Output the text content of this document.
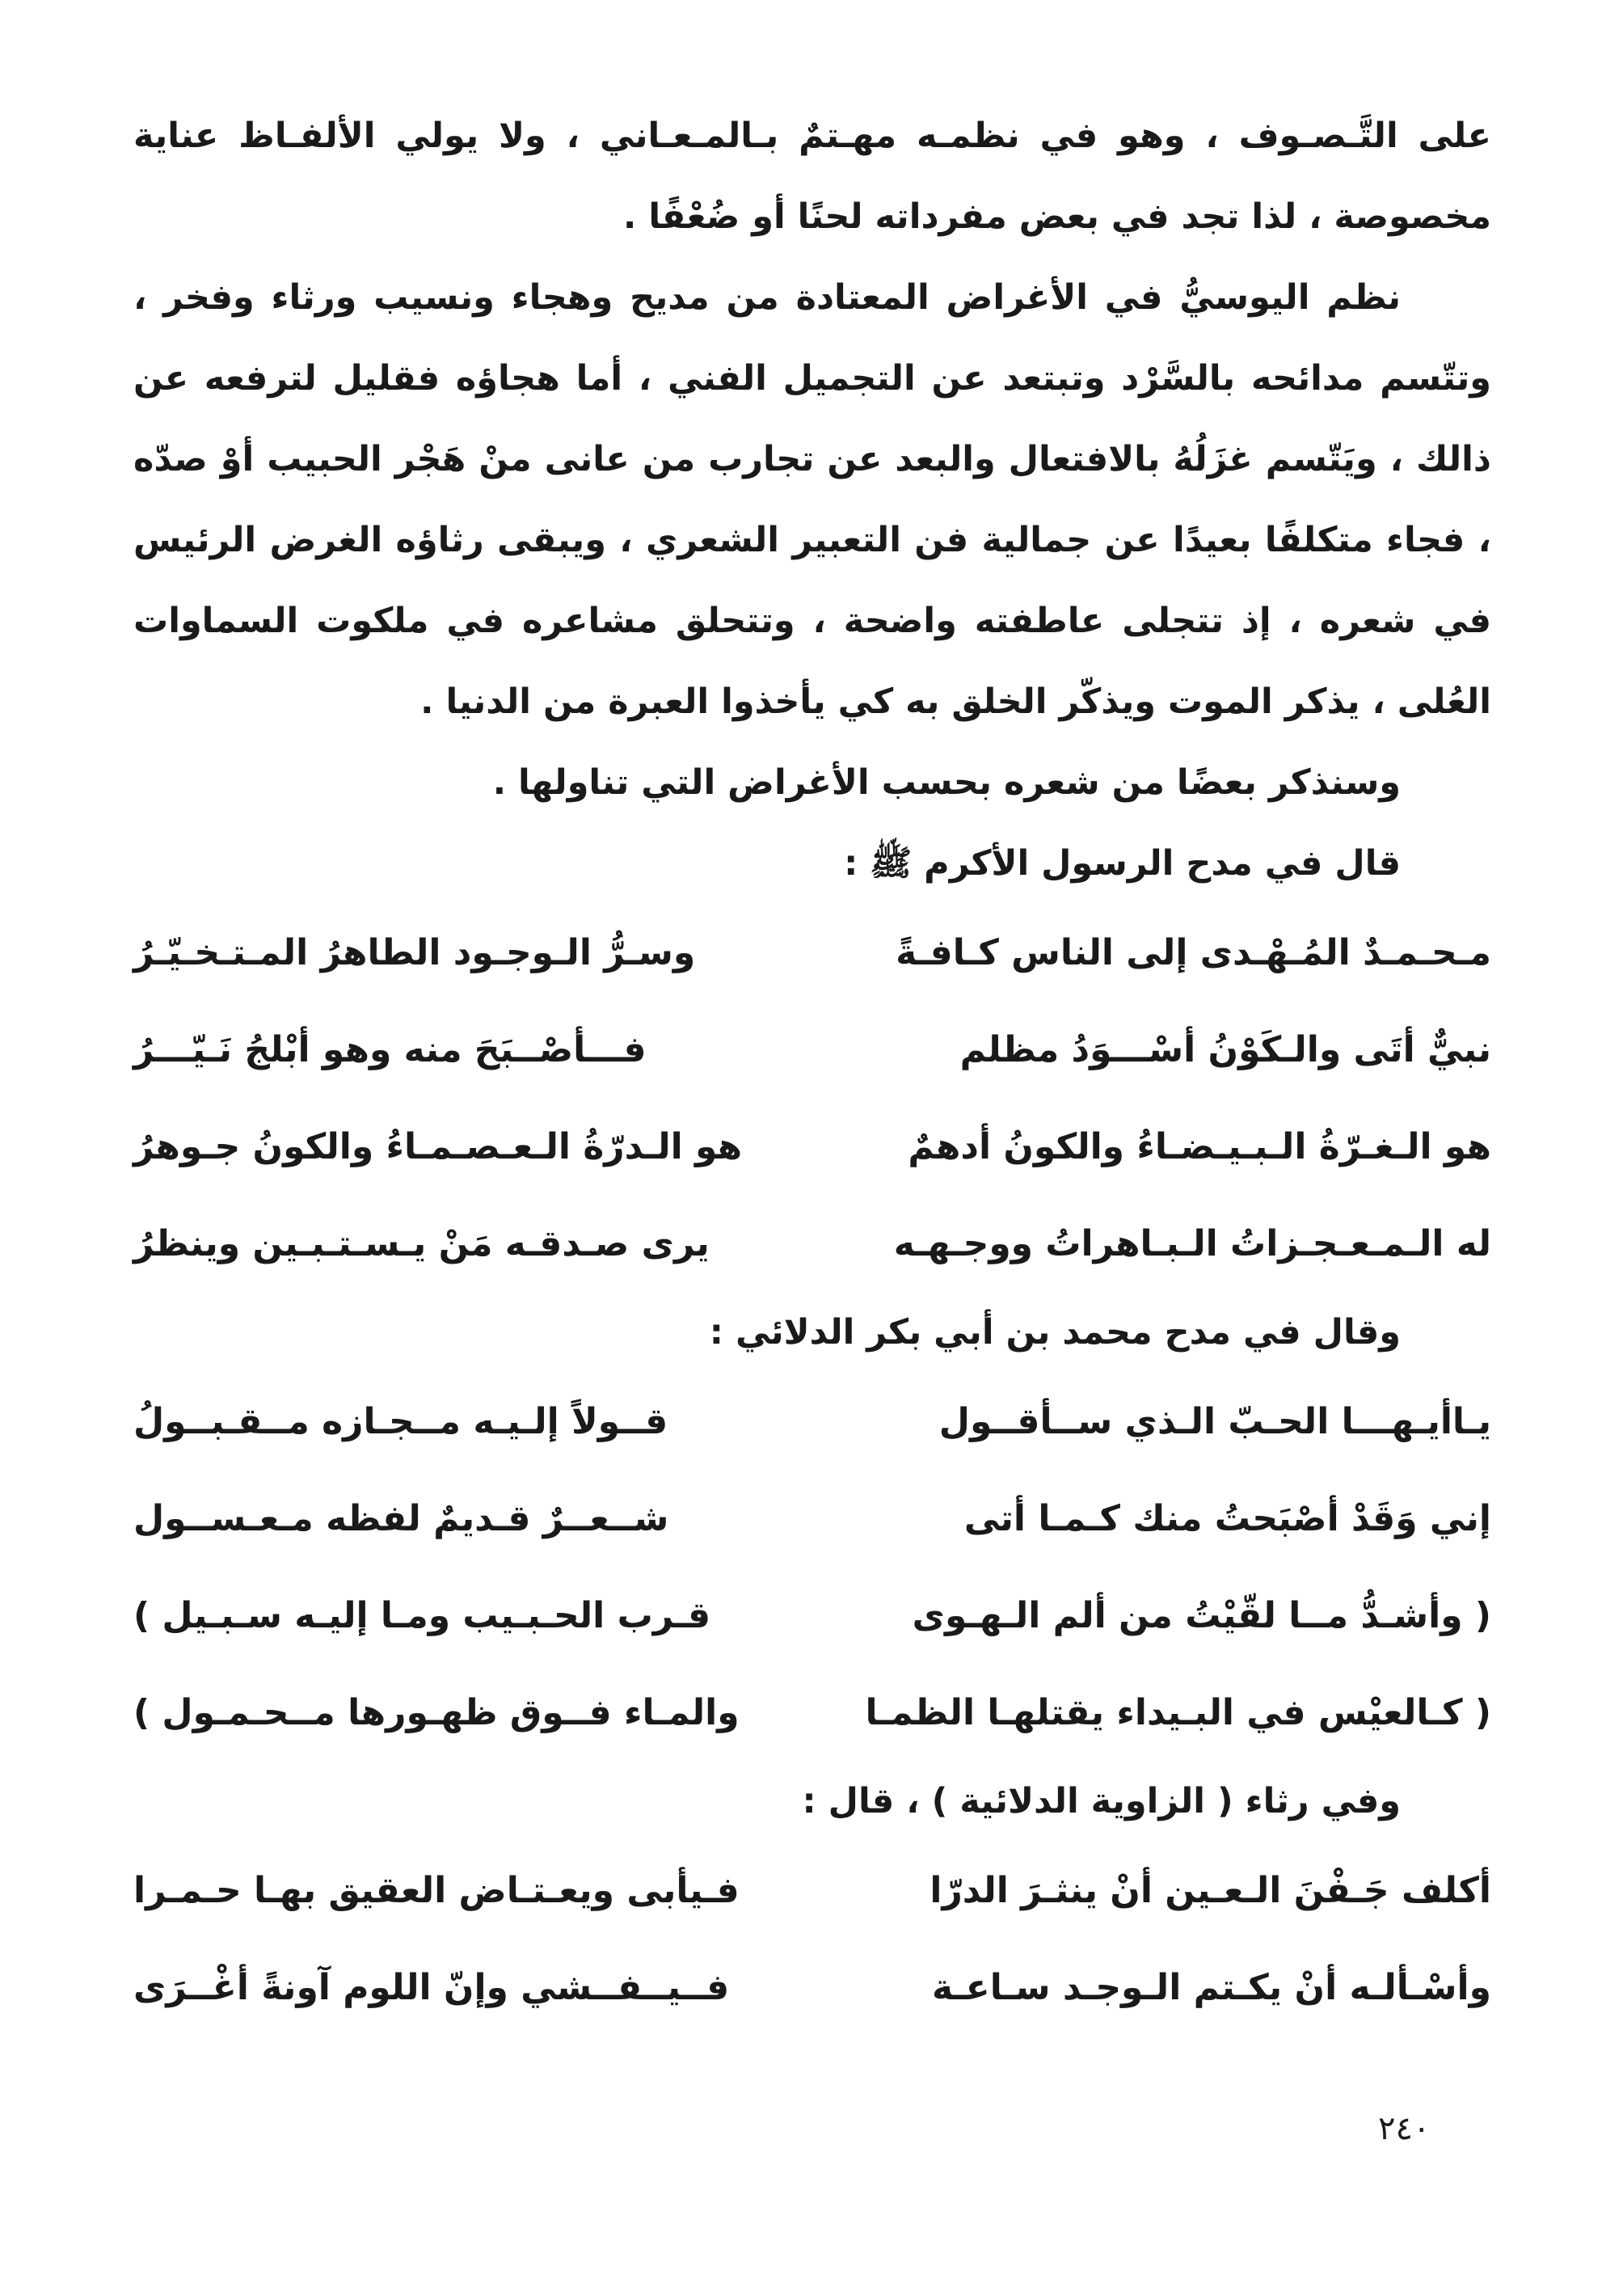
على التَّـصـوف ، وهو في نظمـه مهـتمٌ بـالمـعـاني ، ولا يولي الألفـاظ عناية مخصوصة ، لذا تجد في بعض مفرداته لحنًا أو ضُعْفًا .

نظم اليوسيُّ في الأغراض المعتادة من مديح وهجاء ونسيب ورثاء وفخر ، وتتّسم مدائحه بالسَّرْد وتبتعد عن التجميل الفني ، أما هجاؤه فقليل لترفعه عن ذالك ، ويَتّسم غزَلُهُ بالافتعال والبعد عن تجارب من عانى منْ هَجْر الحبيب أوْ صدّه ، فجاء متكلفًا بعيدًا عن جمالية فن التعبير الشعري ، ويبقى رثاؤه الغرض الرئيس في شعره ، إذ تتجلى عاطفته واضحة ، وتتحلق مشاعره في ملكوت السماوات العُلى ، يذكر الموت ويذكّر الخلق به كي يأخذوا العبرة من الدنيا .

وسنذكر بعضًا من شعره بحسب الأغراض التي تناولها .

قال في مدح الرسول الأكرم ﷺ :

مـحـمـدٌ المُـهْـدى إلى الناس كـافـةً
وسـرُّ الـوجـود الطاهرُ المـتـخـيّـرُ
نبيٌّ أتَى والـكَوْنُ أسْـــوَدُ مظلم
فـــأصْــبَحَ منه وهو أبْلجُ نَـيّـــرُ
هو الـغـرّةُ الـبـيـضـاءُ والكونُ أدهمٌ
هو الـدرّةُ الـعـصـمـاءُ والكونُ جـوهرُ
له الـمـعـجـزاتُ الـبـاهراتُ ووجـهـه
يرى صـدقـه مَنْ يـسـتـبـين وينظرُ

وقال في مدح محمد بن أبي بكر الدلائي :

يـاأيـهـــا الحـبّ الـذي ســأقــول
قــولاً إلـيـه مــجـازه مــقـبــولُ
إني وَقَدْ أصْبَحتُ منك كـمـا أتى
شــعــرٌ قـديمٌ لفظه مـعـســول
( وأشـدُّ مــا لقّيْتُ من ألم الـهـوى
قـرب الحـبـيب ومـا إليـه سـبـيل )
( كـالعيْس في البـيداء يقتلهـا الظمـا
والمـاء فــوق ظهـورها مــحـمـول )

وفي رثاء ( الزاوية الدلائية ) ، قال :

أكلف جَـفْنَ الـعـين أنْ ينثـرَ الدرّا
فـيأبى ويعـتـاض العقيق بهـا حـمـرا
وأسْـألـه أنْ يكـتم الـوجـد سـاعـة
فــيــفــشي وإنّ اللوم آونةً أغْــرَى
٢٤٠
